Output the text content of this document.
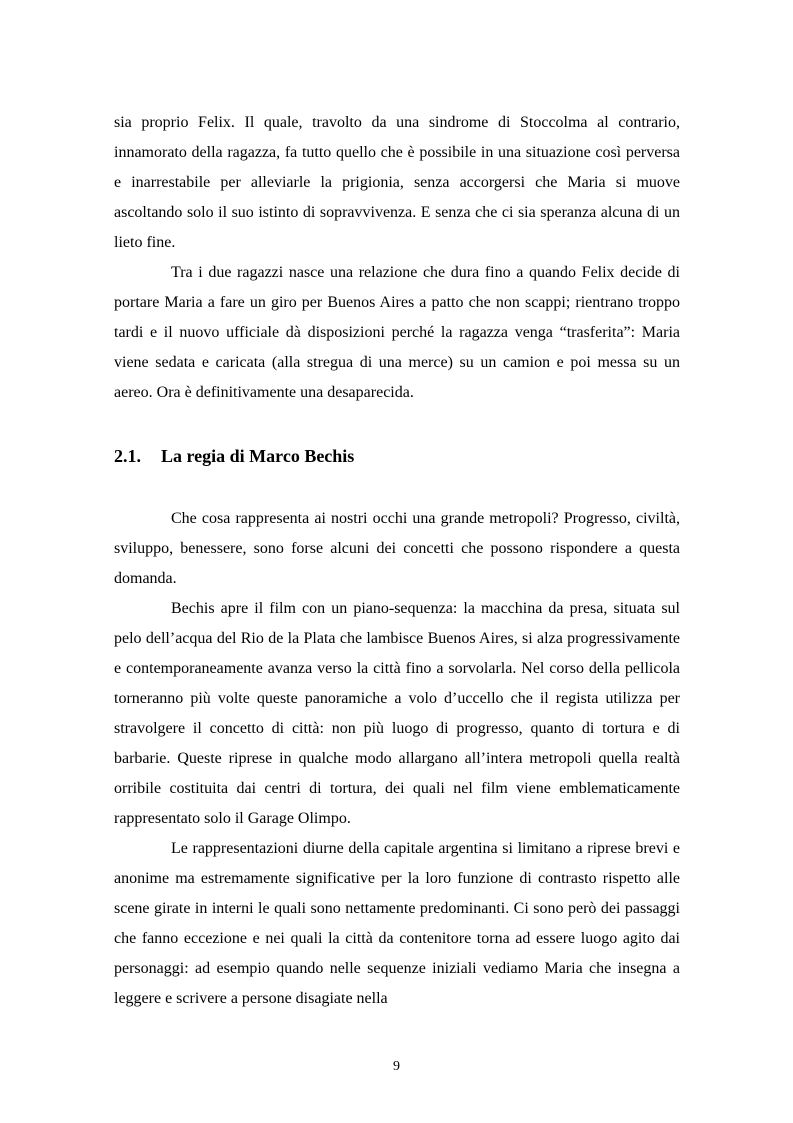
sia proprio Felix. Il quale, travolto da una sindrome di Stoccolma al contrario, innamorato della ragazza, fa tutto quello che è possibile in una situazione così perversa e inarrestabile per alleviarle la prigionia, senza accorgersi che Maria si muove ascoltando solo il suo istinto di sopravvivenza. E senza che ci sia speranza alcuna di un lieto fine.

Tra i due ragazzi nasce una relazione che dura fino a quando Felix decide di portare Maria a fare un giro per Buenos Aires a patto che non scappi; rientrano troppo tardi e il nuovo ufficiale dà disposizioni perché la ragazza venga “trasferita”: Maria viene sedata e caricata (alla stregua di una merce) su un camion e poi messa su un aereo. Ora è definitivamente una desaparecida.

2.1.	La regia di Marco Bechis

Che cosa rappresenta ai nostri occhi una grande metropoli? Progresso, civiltà, sviluppo, benessere, sono forse alcuni dei concetti che possono rispondere a questa domanda.

Bechis apre il film con un piano-sequenza: la macchina da presa, situata sul pelo dell’acqua del Rio de la Plata che lambisce Buenos Aires, si alza progressivamente e contemporaneamente avanza verso la città fino a sorvolarla. Nel corso della pellicola torneranno più volte queste panoramiche a volo d’uccello che il regista utilizza per stravolgere il concetto di città: non più luogo di progresso, quanto di tortura e di barbarie. Queste riprese in qualche modo allargano all’intera metropoli quella realtà orribile costituita dai centri di tortura, dei quali nel film viene emblematicamente rappresentato solo il Garage Olimpo.

Le rappresentazioni diurne della capitale argentina si limitano a riprese brevi e anonime ma estremamente significative per la loro funzione di contrasto rispetto alle scene girate in interni le quali sono nettamente predominanti. Ci sono però dei passaggi che fanno eccezione e nei quali la città da contenitore torna ad essere luogo agito dai personaggi: ad esempio quando nelle sequenze iniziali vediamo Maria che insegna a leggere e scrivere a persone disagiate nella

9
